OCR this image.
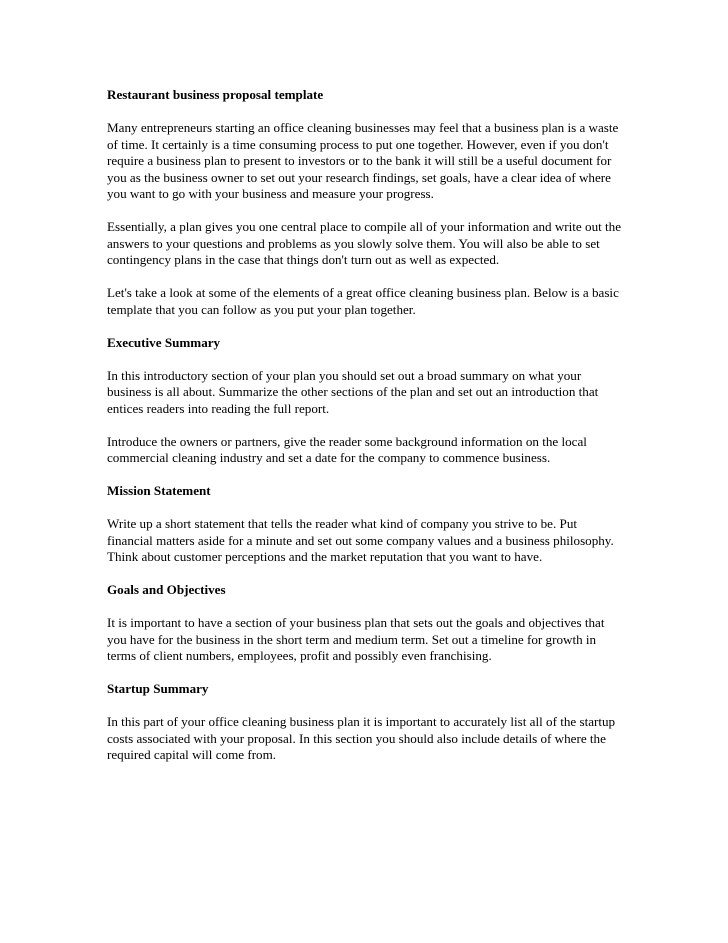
Restaurant business proposal template

Many entrepreneurs starting an office cleaning businesses may feel that a business plan is a waste of time. It certainly is a time consuming process to put one together. However, even if you don't require a business plan to present to investors or to the bank it will still be a useful document for you as the business owner to set out your research findings, set goals, have a clear idea of where you want to go with your business and measure your progress.

Essentially, a plan gives you one central place to compile all of your information and write out the answers to your questions and problems as you slowly solve them. You will also be able to set contingency plans in the case that things don't turn out as well as expected.

Let's take a look at some of the elements of a great office cleaning business plan. Below is a basic template that you can follow as you put your plan together.

Executive Summary

In this introductory section of your plan you should set out a broad summary on what your business is all about. Summarize the other sections of the plan and set out an introduction that entices readers into reading the full report.

Introduce the owners or partners, give the reader some background information on the local commercial cleaning industry and set a date for the company to commence business.

Mission Statement

Write up a short statement that tells the reader what kind of company you strive to be. Put financial matters aside for a minute and set out some company values and a business philosophy. Think about customer perceptions and the market reputation that you want to have.

Goals and Objectives

It is important to have a section of your business plan that sets out the goals and objectives that you have for the business in the short term and medium term. Set out a timeline for growth in terms of client numbers, employees, profit and possibly even franchising.

Startup Summary

In this part of your office cleaning business plan it is important to accurately list all of the startup costs associated with your proposal. In this section you should also include details of where the required capital will come from.
